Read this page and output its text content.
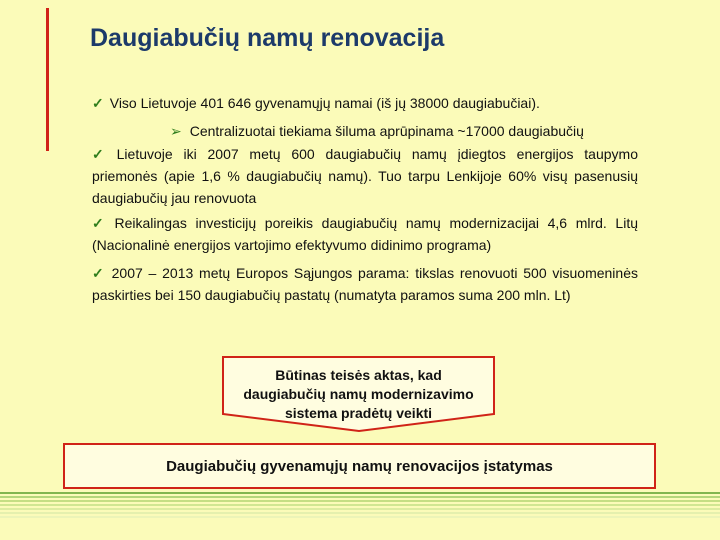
Daugiabučių namų renovacija
✓ Viso Lietuvoje 401 646 gyvenamųjų namai (iš jų 38000 daugiabučiai).
➢ Centralizuotai tiekiama šiluma aprūpinama ~17000 daugiabučių
✓ Lietuvoje iki 2007 metų 600 daugiabučių namų įdiegtos energijos taupymo priemonės (apie 1,6 % daugiabučių namų). Tuo tarpu Lenkijoje 60% visų pasenusių daugiabučių jau renovuota
✓ Reikalingas investicijų poreikis daugiabučių namų modernizacijai 4,6 mlrd. Litų (Nacionalinė energijos vartojimo efektyvumo didinimo programa)
✓ 2007 – 2013 metų Europos Sąjungos parama: tikslas renovuoti 500 visuomeninės paskirties bei 150 daugiabučių pastatų (numatyta paramos suma 200 mln. Lt)
Būtinas teisės aktas, kad
daugiabučių namų modernizavimo
sistema pradėtų veikti
Daugiabučių gyvenamųjų namų renovacijos įstatymas
